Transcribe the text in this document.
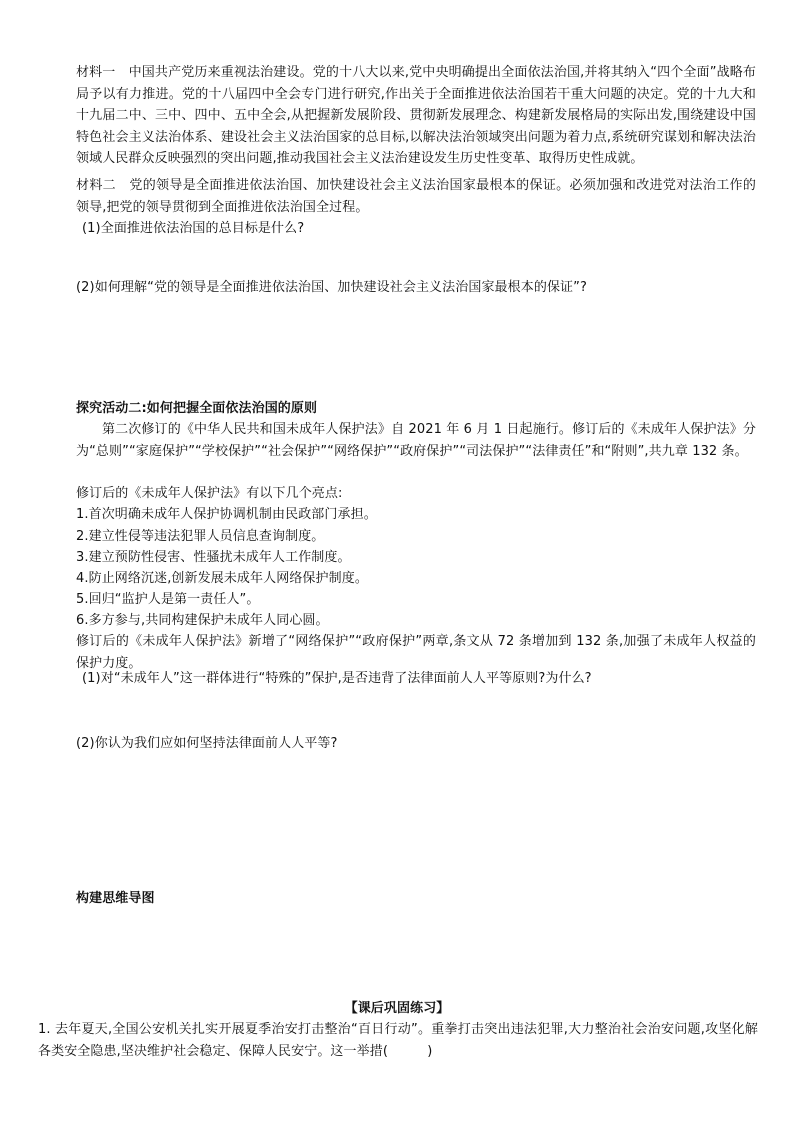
材料一　中国共产党历来重视法治建设。党的十八大以来,党中央明确提出全面依法治国,并将其纳入“四个全面”战略布局予以有力推进。党的十八届四中全会专门进行研究,作出关于全面推进依法治国若干重大问题的决定。党的十九大和十九届二中、三中、四中、五中全会,从把握新发展阶段、贯彻新发展理念、构建新发展格局的实际出发,围绕建设中国特色社会主义法治体系、建设社会主义法治国家的总目标,以解决法治领域突出问题为着力点,系统研究谋划和解决法治领域人民群众反映强烈的突出问题,推动我国社会主义法治建设发生历史性变革、取得历史性成就。

材料二　党的领导是全面推进依法治国、加快建设社会主义法治国家最根本的保证。必须加强和改进党对法治工作的领导,把党的领导贯彻到全面推进依法治国全过程。

(1)全面推进依法治国的总目标是什么?

(2)如何理解“党的领导是全面推进依法治国、加快建设社会主义法治国家最根本的保证”?

探究活动二:如何把握全面依法治国的原则

第二次修订的《中华人民共和国未成年人保护法》自 2021 年 6 月 1 日起施行。修订后的《未成年人保护法》分为“总则”“家庭保护”“学校保护”“社会保护”“网络保护”“政府保护”“司法保护”“法律责任”和“附则”,共九章 132 条。

修订后的《未成年人保护法》有以下几个亮点:

1.首次明确未成年人保护协调机制由民政部门承担。

2.建立性侵等违法犯罪人员信息查询制度。

3.建立预防性侵害、性骚扰未成年人工作制度。

4.防止网络沉迷,创新发展未成年人网络保护制度。

5.回归“监护人是第一责任人”。

6.多方参与,共同构建保护未成年人同心圆。

修订后的《未成年人保护法》新增了“网络保护”“政府保护”两章,条文从 72 条增加到 132 条,加强了未成年人权益的保护力度。

(1)对“未成年人”这一群体进行“特殊的”保护,是否违背了法律面前人人平等原则?为什么?

(2)你认为我们应如何坚持法律面前人人平等?

构建思维导图

【课后巩固练习】

1. 去年夏天,全国公安机关扎实开展夏季治安打击整治“百日行动”。重拳打击突出违法犯罪,大力整治社会治安问题,攻坚化解各类安全隐患,坚决维护社会稳定、保障人民安宁。这一举措(　　　)
